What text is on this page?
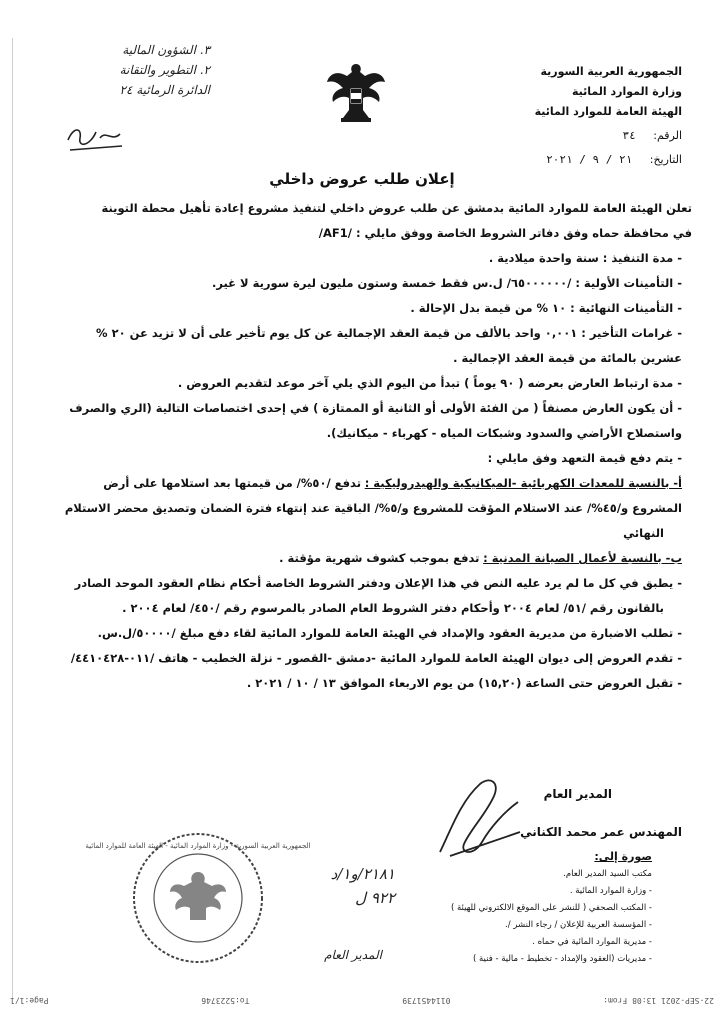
٣. الشؤون المالية
٢. التطوير والتقانة
الدائرة الرمائية ٢٤
الجمهورية العربية السورية
وزارة الموارد المائية
الهيئة العامة للموارد المائية
الرقم: ٣٤
التاريخ: ٢١ / ٩ / ٢٠٢١
إعلان طلب عروض داخلي
تعلن الهيئة العامة للموارد المائية بدمشق عن طلب عروض داخلي لتنفيذ مشروع إعادة تأهيل محطة التوينة
في محافظة حماه وفق دفاتر الشروط الخاصة ووفق مايلي : /AF1/
- مدة التنفيذ : سنة واحدة ميلادية .
- التأمينات الأولية : /٦٥٠٠٠٠٠٠/ ل.س فقط خمسة وستون مليون ليرة سورية لا غير.
- التأمينات النهائية : ١٠ % من قيمة بدل الإحالة .
- غرامات التأخير : ٠,٠٠١ واحد بالألف من قيمة العقد الإجمالية عن كل يوم تأخير على أن لا تزيد عن ٢٠ %
عشرين بالمائة من قيمة العقد الإجمالية .
- مدة ارتباط العارض بعرضه ( ٩٠ يوماً ) تبدأ من اليوم الذي يلي آخر موعد لتقديم العروض .
- أن يكون العارض مصنفاً ( من الفئة الأولى أو الثانية أو الممتازة ) في إحدى اختصاصات التالية (الري والصرف
واستصلاح الأراضي والسدود وشبكات المياه - كهرباء - ميكانيك).
- يتم دفع قيمة التعهد وفق مايلي :
أ- بالنسبة للمعدات الكهربائية -الميكانيكية والهيدروليكية : تدفع /٥٠%/ من قيمتها بعد استلامها على أرض
المشروع و/٤٥%/ عند الاستلام المؤقت للمشروع و/٥%/ الباقية عند إنتهاء فترة الضمان وتصديق محضر الاستلام
النهائي
ب- بالنسبة لأعمال الصيانة المدنية : تدفع بموجب كشوف شهرية مؤقتة .
- يطبق في كل ما لم يرد عليه النص في هذا الإعلان ودفتر الشروط الخاصة أحكام نظام العقود الموحد الصادر
بالقانون رقم /٥١/ لعام ٢٠٠٤ وأحكام دفتر الشروط العام الصادر بالمرسوم رقم /٤٥٠/ لعام ٢٠٠٤ .
- تطلب الاضبارة من مديرية العقود والإمداد في الهيئة العامة للموارد المائية لقاء دفع مبلغ /٥٠٠٠٠/ل.س.
- تقدم العروض إلى ديوان الهيئة العامة للموارد المائية -دمشق -القصور - نزلة الخطيب - هاتف /٠١١-٤٤١٠٤٢٨/
- تقبل العروض حتى الساعة (١٥,٢٠) من يوم الاربعاء الموافق ١٣ / ١٠ / ٢٠٢١ .
المدير العام
المهندس عمر محمد الكناني
الجمهورية العربية السورية - وزارة الموارد المائية - الهيئة العامة للموارد المائية
٢١٨١/و١/د
٩٢٢ ل
المدير العام
صورة إلى:
مكتب السيد المدير العام.
- وزارة الموارد المائية .
- المكتب الصحفي ( للنشر على الموقع الالكتروني للهيئة )
- المؤسسة العربية للإعلان / رجاء النشر /.
- مديرية الموارد المائية في حماه .
- مديريات (العقود والإمداد - تخطيط - مالية - فنية )
22-SEP-2021 13:08 From:
0114451739
To:5223746
Page:1/1
